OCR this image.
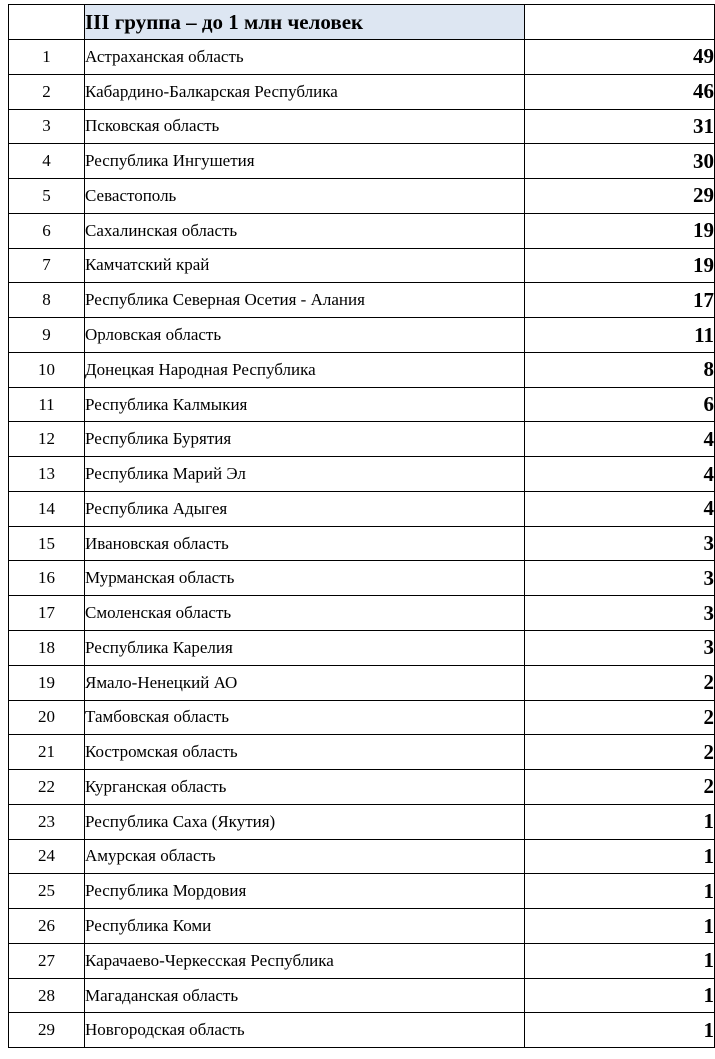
	III группа – до 1 млн человек	
1	Астраханская область	49
2	Кабардино-Балкарская Республика	46
3	Псковская область	31
4	Республика Ингушетия	30
5	Севастополь	29
6	Сахалинская область	19
7	Камчатский край	19
8	Республика Северная Осетия - Алания	17
9	Орловская область	11
10	Донецкая Народная Республика	8
11	Республика Калмыкия	6
12	Республика Бурятия	4
13	Республика Марий Эл	4
14	Республика Адыгея	4
15	Ивановская область	3
16	Мурманская область	3
17	Смоленская область	3
18	Республика Карелия	3
19	Ямало-Ненецкий АО	2
20	Тамбовская область	2
21	Костромская область	2
22	Курганская область	2
23	Республика Саха (Якутия)	1
24	Амурская область	1
25	Республика Мордовия	1
26	Республика Коми	1
27	Карачаево-Черкесская Республика	1
28	Магаданская область	1
29	Новгородская область	1
